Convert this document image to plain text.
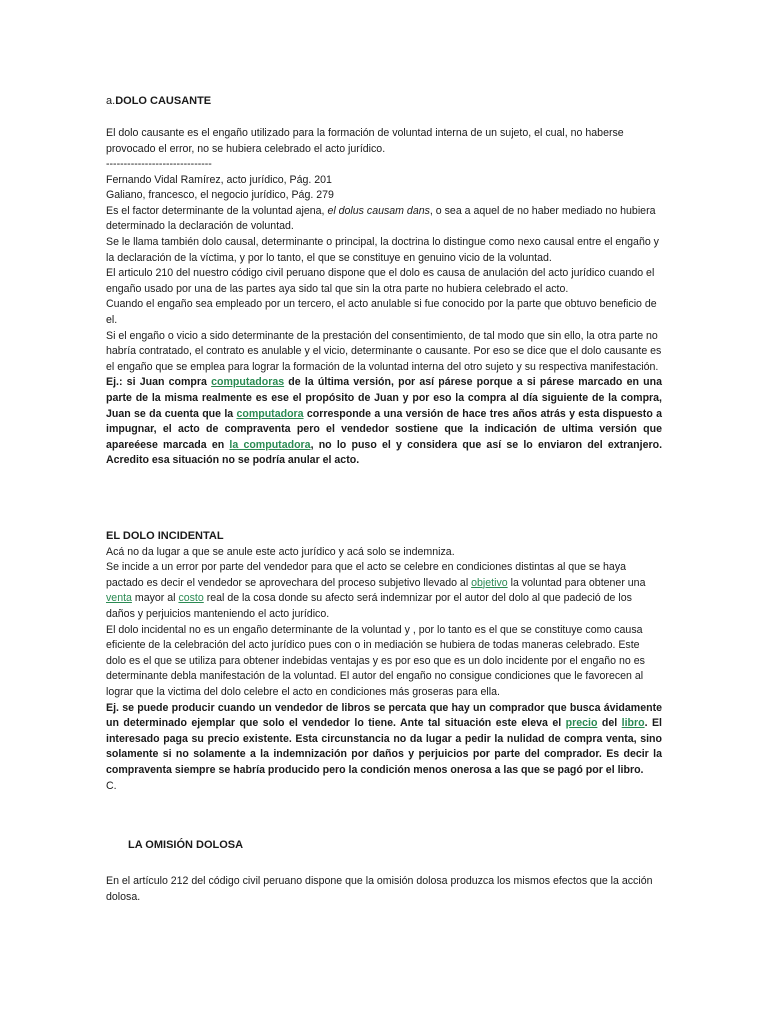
a.DOLO CAUSANTE

El dolo causante es el engaño utilizado para la formación de voluntad interna de un sujeto, el cual, no haberse provocado el error, no se hubiera celebrado el acto jurídico.

------------------------------

Fernando Vidal Ramírez, acto jurídico, Pág. 201

Galiano, francesco, el negocio jurídico, Pág. 279

Es el factor determinante de la voluntad ajena, el dolus causam dans, o sea a aquel de no haber mediado no hubiera determinado la declaración de voluntad.

Se le llama también dolo causal, determinante o principal, la doctrina lo distingue como nexo causal entre el engaño y la declaración de la víctima, y por lo tanto, el que se constituye en genuino vicio de la voluntad.

El articulo 210 del nuestro código civil peruano dispone que el dolo es causa de anulación del acto jurídico cuando el engaño usado por una de las partes aya sido tal que sin la otra parte no hubiera celebrado el acto.

Cuando el engaño sea empleado por un tercero, el acto anulable si fue conocido por la parte que obtuvo beneficio de el.

Si el engaño o vicio a sido determinante de la prestación del consentimiento, de tal modo que sin ello, la otra parte no habría contratado, el contrato es anulable y el vicio, determinante o causante. Por eso se dice que el dolo causante es el engaño que se emplea para lograr la formación de la voluntad interna del otro sujeto y su respectiva manifestación.

Ej.: si Juan compra computadoras de la última versión, por así párese porque a si párese marcado en una parte de la misma realmente es ese el propósito de Juan y por eso la compra al día siguiente de la compra, Juan se da cuenta que la computadora corresponde a una versión de hace tres años atrás y esta dispuesto a impugnar, el acto de compraventa pero el vendedor sostiene que la indicación de ultima versión que apareéese marcada en la computadora, no lo puso el y considera que así se lo enviaron del extranjero. Acredito esa situación no se podría anular el acto.

EL DOLO INCIDENTAL

Acá no da lugar a que se anule este acto jurídico y acá solo se indemniza.

Se incide a un error por parte del vendedor para que el acto se celebre en condiciones distintas al que se haya pactado es decir el vendedor se aprovechara del proceso subjetivo llevado al objetivo la voluntad para obtener una venta mayor al costo real de la cosa donde su afecto será indemnizar por el autor del dolo al que padeció de los daños y perjuicios manteniendo el acto jurídico.

El dolo incidental no es un engaño determinante de la voluntad y , por lo tanto es el que se constituye como causa eficiente de la celebración del acto jurídico pues con o in mediación se hubiera de todas maneras celebrado. Este dolo es el que se utiliza para obtener indebidas ventajas y es por eso que es un dolo incidente por el engaño no es determinante debla manifestación de la voluntad. El autor del engaño no consigue condiciones que le favorecen al lograr que la victima del dolo celebre el acto en condiciones más groseras para ella.

Ej. se puede producir cuando un vendedor de libros se percata que hay un comprador que busca ávidamente un determinado ejemplar que solo el vendedor lo tiene. Ante tal situación este eleva el precio del libro. El interesado paga su precio existente. Esta circunstancia no da lugar a pedir la nulidad de compra venta, sino solamente si no solamente a la indemnización por daños y perjuicios por parte del comprador. Es decir la compraventa siempre se habría producido pero la condición menos onerosa a las que se pagó por el libro.

C.

LA OMISIÓN DOLOSA

En el artículo 212 del código civil peruano dispone que la omisión dolosa produzca los mismos efectos que la acción dolosa.
